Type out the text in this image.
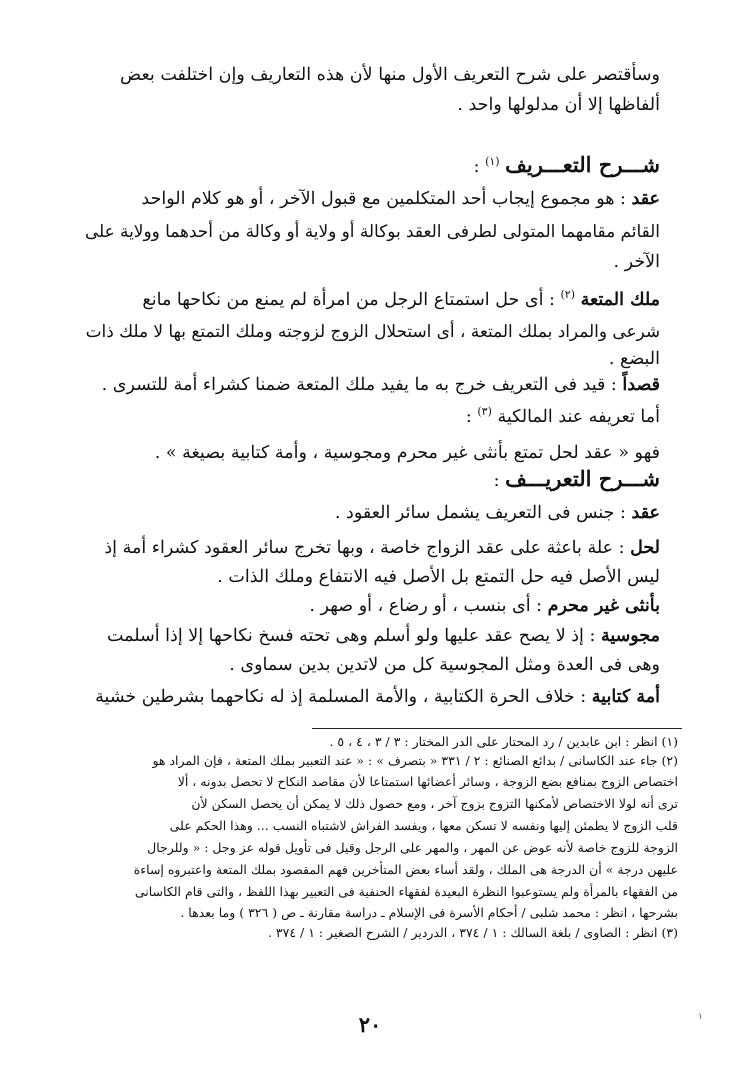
وسأقتصر على شرح التعريف الأول منها لأن هذه التعاريف وإن اختلفت بعض
ألفاظها إلا أن مدلولها واحد .
شـــرح التعـــريف $^{(١)}$ :
عقد : هو مجموع إيجاب أحد المتكلمين مع قبول الآخر ، أو هو كلام الواحد
القائم مقامهما المتولى لطرفى العقد بوكالة أو ولاية أو وكالة من أحدهما وولاية على
الآخر .
ملك المتعة $^{(٢)}$ : أى حل استمتاع الرجل من امرأة لم يمنع من نكاحها مانع
شرعى والمراد بملك المتعة ، أى استحلال الزوج لزوجته وملك التمتع بها لا ملك ذات
البضع .
قصداً : قيد فى التعريف خرج به ما يفيد ملك المتعة ضمنا كشراء أمة للتسرى .
أما تعريفه عند المالكية $^{(٣)}$ :
فهو « عقد لحل تمتع بأنثى غير محرم ومجوسية ، وأمة كتابية بصيغة » .
شـــرح التعريـــف :
عقد : جنس فى التعريف يشمل سائر العقود .
لحل : علة باعثة على عقد الزواج خاصة ، وبها تخرج سائر العقود كشراء أمة إذ
ليس الأصل فيه حل التمتع بل الأصل فيه الانتفاع وملك الذات .
بأنثى غير محرم : أى بنسب ، أو رضاع ، أو صهر .
مجوسية : إذ لا يصح عقد عليها ولو أسلم وهى تحته فسخ نكاحها إلا إذا أسلمت
وهى فى العدة ومثل المجوسية كل من لاتدين بدين سماوى .
أمة كتابية : خلاف الحرة الكتابية ، والأمة المسلمة إذ له نكاحهما بشرطين خشية
(١) انظر : ابن عابدين / رد المحتار على الدر المختار : ٣ / ٣ ، ٤ ، ٥ .
(٢) جاء عند الكاسانى / بدائع الصنائع : ٢ / ٣٣١ « بتصرف » : « عند التعبير بملك المتعة ، فإن المراد هو
اختصاص الزوج بمنافع بضع الزوجة ، وسائر أعضائها استمتاعا لأن مقاصد النكاح لا تحصل بدونه ، ألا
ترى أنه لولا الاختصاص لأمكنها التزوج بزوج آخر ، ومع حصول ذلك لا يمكن أن يحصل السكن لأن
قلب الزوج لا يطمئن إليها ونفسه لا تسكن معها ، ويفسد الفراش لاشتباه النسب ... وهذا الحكم على
الزوجة للزوج خاصة لأنه عوض عن المهر ، والمهر على الرجل وقيل فى تأويل قوله عز وجل : « وللرجال
عليهن درجة » أن الدرجة هى الملك ، ولقد أساء بعض المتأخرين فهم المقصود بملك المتعة واعتبروه إساءة
من الفقهاء بالمرأة ولم يستوعبوا النظرة البعيدة لفقهاء الحنفية فى التعبير بهذا اللفظ ، والتى قام الكاسانى
بشرحها ، انظر : محمد شلبى / أحكام الأسرة فى الإسلام ـ دراسة مقارنة ـ ص ( ٣٢٦ ) وما بعدها .
(٣) انظر : الصاوى / بلغة السالك : ١ / ٣٧٤ ، الدردير / الشرح الصغير : ١ / ٣٧٤ .
٢٠	١
